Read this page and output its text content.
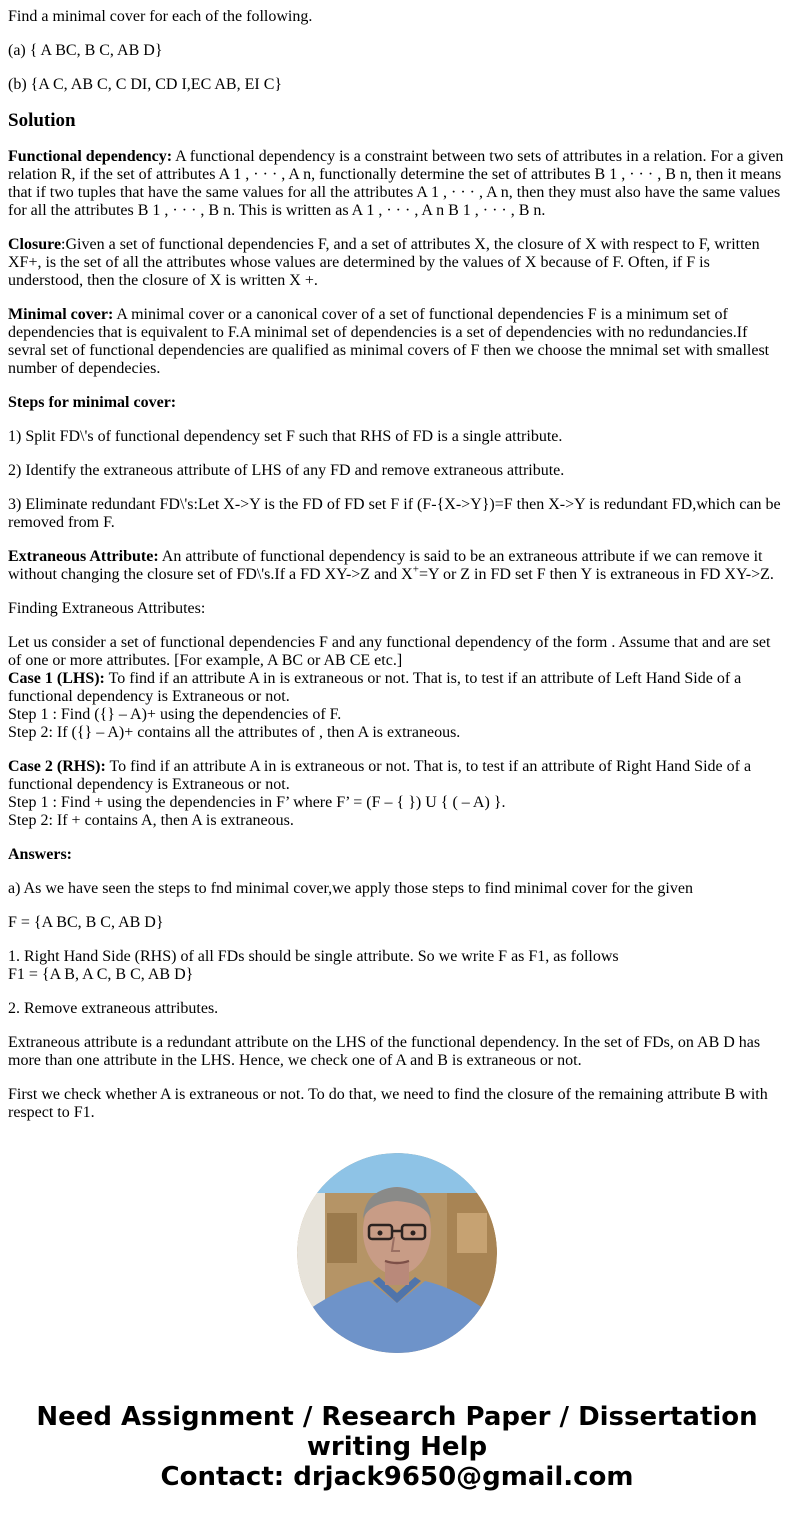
Find a minimal cover for each of the following.

(a) { A BC, B C, AB D}

(b) {A C, AB C, C DI, CD I,EC AB, EI C}

Solution

Functional dependency: A functional dependency is a constraint between two sets of attributes in a relation. For a given relation R, if the set of attributes A 1 , · · · , A n, functionally determine the set of attributes B 1 , · · · , B n, then it means that if two tuples that have the same values for all the attributes A 1 , · · · , A n, then they must also have the same values for all the attributes B 1 , · · · , B n. This is written as A 1 , · · · , A n B 1 , · · · , B n.

Closure:Given a set of functional dependencies F, and a set of attributes X, the closure of X with respect to F, written XF+, is the set of all the attributes whose values are determined by the values of X because of F. Often, if F is understood, then the closure of X is written X +.

Minimal cover: A minimal cover or a canonical cover of a set of functional dependencies F is a minimum set of dependencies that is equivalent to F.A minimal set of dependencies is a set of dependencies with no redundancies.If sevral set of functional dependencies are qualified as minimal covers of F then we choose the mnimal set with smallest number of dependecies.

Steps for minimal cover:

1) Split FD\'s of functional dependency set F such that RHS of FD is a single attribute.

2) Identify the extraneous attribute of LHS of any FD and remove extraneous attribute.

3) Eliminate redundant FD\'s:Let X->Y is the FD of FD set F if (F-{X->Y})=F then X->Y is redundant FD,which can be removed from F.

Extraneous Attribute: An attribute of functional dependency is said to be an extraneous attribute if we can remove it without changing the closure set of FD\'s.If a FD XY->Z and X+=Y or Z in FD set F then Y is extraneous in FD XY->Z.

Finding Extraneous Attributes:

Let us consider a set of functional dependencies F and any functional dependency of the form . Assume that and are set of one or more attributes. [For example, A BC or AB CE etc.]

Case 1 (LHS): To find if an attribute A in is extraneous or not. That is, to test if an attribute of Left Hand Side of a functional dependency is Extraneous or not.

Step 1 : Find ({} – A)+ using the dependencies of F.

Step 2: If ({} – A)+ contains all the attributes of , then A is extraneous.

Case 2 (RHS): To find if an attribute A in is extraneous or not. That is, to test if an attribute of Right Hand Side of a functional dependency is Extraneous or not.

Step 1 : Find + using the dependencies in F’ where F’ = (F – { }) U { ( – A) }.

Step 2: If + contains A, then A is extraneous.

Answers:

a) As we have seen the steps to fnd minimal cover,we apply those steps to find minimal cover for the given

F = {A BC, B C, AB D}

1. Right Hand Side (RHS) of all FDs should be single attribute. So we write F as F1, as follows

F1 = {A B, A C, B C, AB D}

2. Remove extraneous attributes.

Extraneous attribute is a redundant attribute on the LHS of the functional dependency. In the set of FDs, on AB D has more than one attribute in the LHS. Hence, we check one of A and B is extraneous or not.

First we check whether A is extraneous or not. To do that, we need to find the closure of the remaining attribute B with respect to F1.

Need Assignment / Research Paper / Dissertation
writing Help
Contact: drjack9650@gmail.com
